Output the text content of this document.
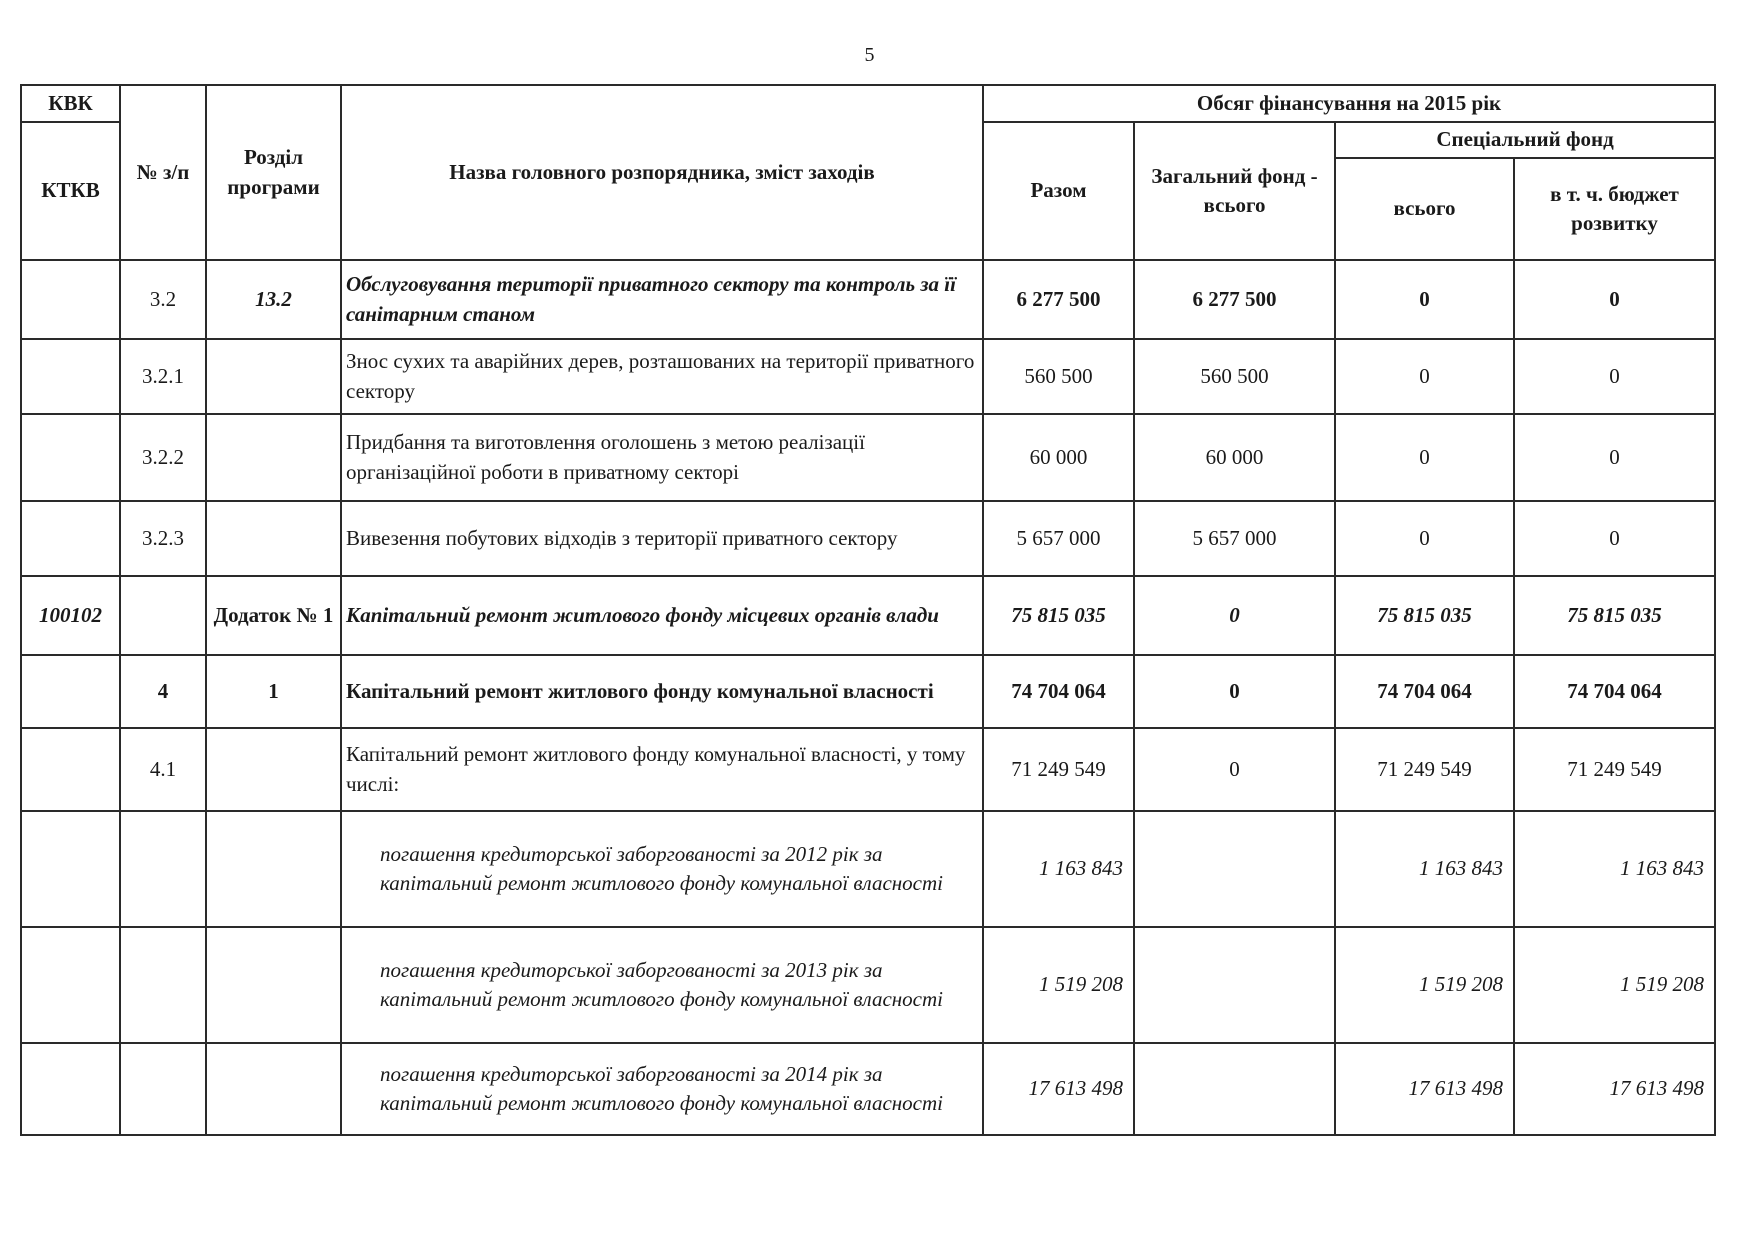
5
КВК	№ з/п	Розділ програми	Назва головного розпорядника, зміст заходів	Обсяг фінансування на 2015 рік			
КТКВ				Разом	Загальний фонд - всього	Спеціальний фонд	
						всього	в т. ч. бюджет розвитку
	3.2	13.2	Обслуговування території приватного сектору та контроль за її санітарним станом	6 277 500	6 277 500	0	0
	3.2.1		Знос сухих та аварійних дерев, розташованих на території приватного сектору	560 500	560 500	0	0
	3.2.2		Придбання та виготовлення оголошень з метою реалізації організаційної роботи в приватному секторі	60 000	60 000	0	0
	3.2.3		Вивезення побутових відходів з території приватного сектору	5 657 000	5 657 000	0	0
100102		Додаток № 1	Капітальний ремонт житлового фонду місцевих органів влади	75 815 035	0	75 815 035	75 815 035
	4	1	Капітальний ремонт житлового фонду комунальної власності	74 704 064	0	74 704 064	74 704 064
	4.1		Капітальний ремонт житлового фонду комунальної власності, у тому числі:	71 249 549	0	71 249 549	71 249 549
			погашення кредиторської заборгованості за 2012 рік за капітальний ремонт житлового фонду комунальної власності	1 163 843		1 163 843	1 163 843
			погашення кредиторської заборгованості за 2013 рік за капітальний ремонт житлового фонду комунальної власності	1 519 208		1 519 208	1 519 208
			погашення кредиторської заборгованості за 2014 рік за капітальний ремонт житлового фонду комунальної власності	17 613 498		17 613 498	17 613 498
